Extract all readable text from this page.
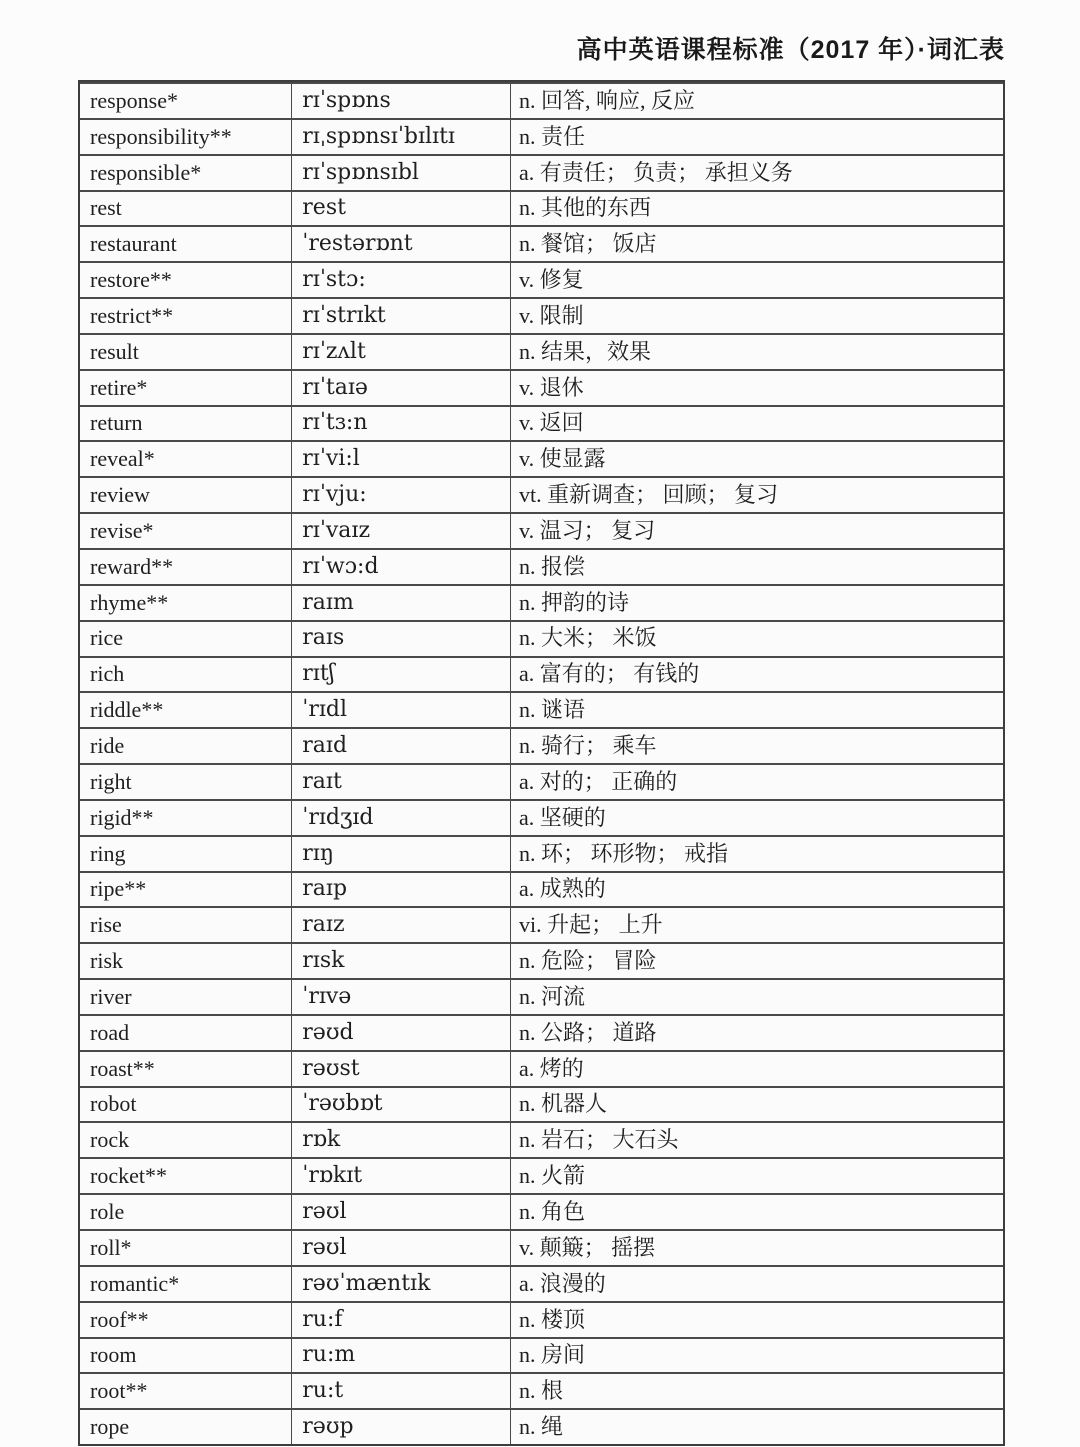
高中英语课程标准（2017 年）·词汇表
response*	rɪˈspɒns	n. 回答, 响应, 反应
responsibility**	rɪˌspɒnsɪˈbɪlɪtɪ	n. 责任
responsible*	rɪˈspɒnsɪbl	a. 有责任； 负责； 承担义务
rest	rest	n. 其他的东西
restaurant	ˈrestərɒnt	n. 餐馆； 饭店
restore**	rɪˈstɔ:	v. 修复
restrict**	rɪˈstrɪkt	v. 限制
result	rɪˈzʌlt	n. 结果，效果
retire*	rɪˈtaɪə	v. 退休
return	rɪˈtɜ:n	v. 返回
reveal*	rɪˈvi:l	v. 使显露
review	rɪˈvju:	vt. 重新调查； 回顾； 复习
revise*	rɪˈvaɪz	v. 温习； 复习
reward**	rɪˈwɔ:d	n. 报偿
rhyme**	raɪm	n. 押韵的诗
rice	raɪs	n. 大米； 米饭
rich	rɪtʃ	a. 富有的； 有钱的
riddle**	ˈrɪdl	n. 谜语
ride	raɪd	n. 骑行； 乘车
right	raɪt	a. 对的； 正确的
rigid**	ˈrɪdʒɪd	a. 坚硬的
ring	rɪŋ	n. 环； 环形物； 戒指
ripe**	raɪp	a. 成熟的
rise	raɪz	vi. 升起； 上升
risk	rɪsk	n. 危险； 冒险
river	ˈrɪvə	n. 河流
road	rəʊd	n. 公路； 道路
roast**	rəʊst	a. 烤的
robot	ˈrəʊbɒt	n. 机器人
rock	rɒk	n. 岩石； 大石头
rocket**	ˈrɒkɪt	n. 火箭
role	rəʊl	n. 角色
roll*	rəʊl	v. 颠簸； 摇摆
romantic*	rəʊˈmæntɪk	a. 浪漫的
roof**	ru:f	n. 楼顶
room	ru:m	n. 房间
root**	ru:t	n. 根
rope	rəʊp	n. 绳
